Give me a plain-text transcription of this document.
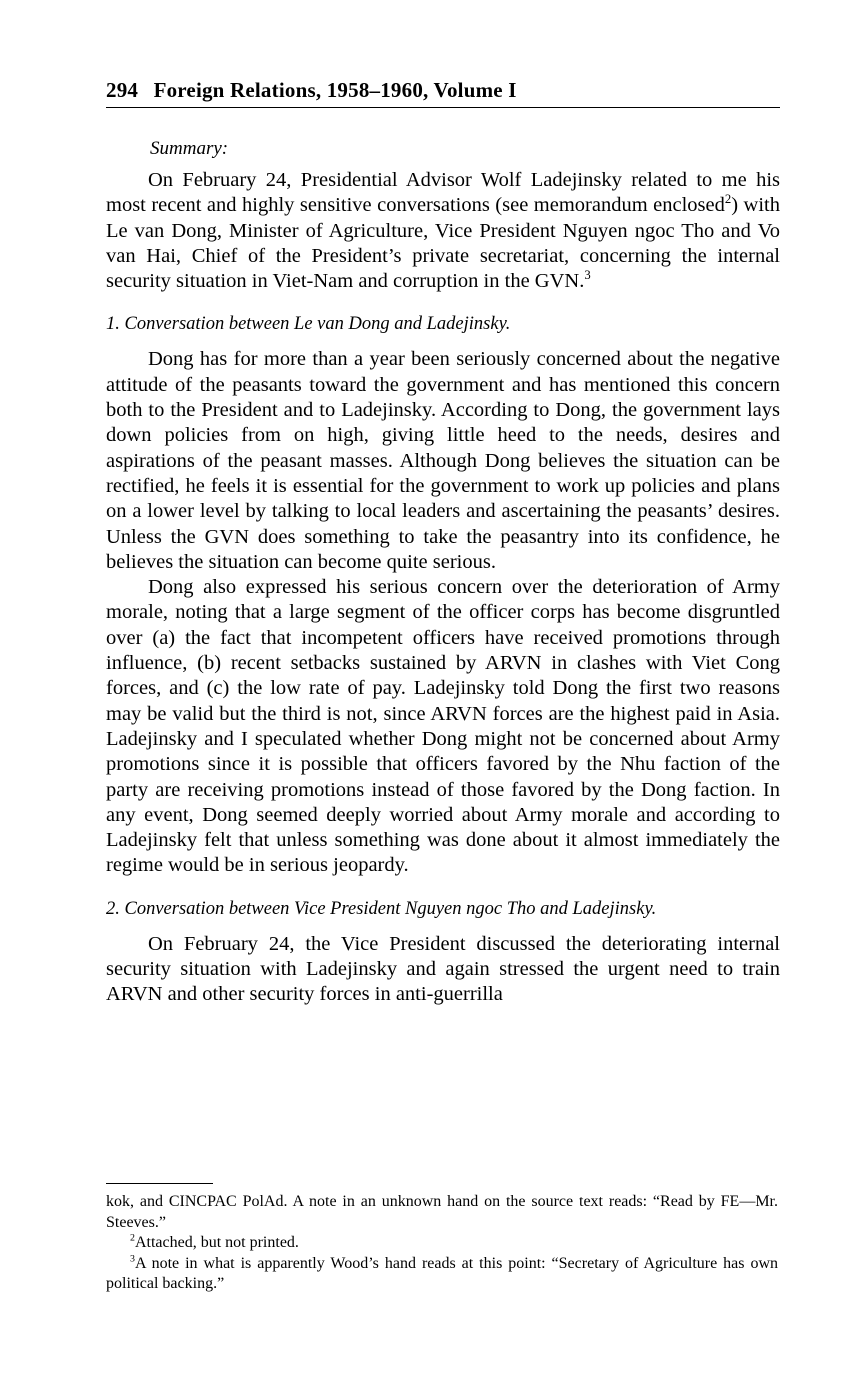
294 Foreign Relations, 1958–1960, Volume I
Summary:

On February 24, Presidential Advisor Wolf Ladejinsky related to me his most recent and highly sensitive conversations (see memorandum enclosed$^2$) with Le van Dong, Minister of Agriculture, Vice President Nguyen ngoc Tho and Vo van Hai, Chief of the President’s private secretariat, concerning the internal security situation in Viet-Nam and corruption in the GVN.$^3$

1. Conversation between Le van Dong and Ladejinsky.

Dong has for more than a year been seriously concerned about the negative attitude of the peasants toward the government and has mentioned this concern both to the President and to Ladejinsky. According to Dong, the government lays down policies from on high, giving little heed to the needs, desires and aspirations of the peasant masses. Although Dong believes the situation can be rectified, he feels it is essential for the government to work up policies and plans on a lower level by talking to local leaders and ascertaining the peasants’ desires. Unless the GVN does something to take the peasantry into its confidence, he believes the situation can become quite serious.

Dong also expressed his serious concern over the deterioration of Army morale, noting that a large segment of the officer corps has become disgruntled over (a) the fact that incompetent officers have received promotions through influence, (b) recent setbacks sustained by ARVN in clashes with Viet Cong forces, and (c) the low rate of pay. Ladejinsky told Dong the first two reasons may be valid but the third is not, since ARVN forces are the highest paid in Asia. Ladejinsky and I speculated whether Dong might not be concerned about Army promotions since it is possible that officers favored by the Nhu faction of the party are receiving promotions instead of those favored by the Dong faction. In any event, Dong seemed deeply worried about Army morale and according to Ladejinsky felt that unless something was done about it almost immediately the regime would be in serious jeopardy.

2. Conversation between Vice President Nguyen ngoc Tho and Ladejinsky.

On February 24, the Vice President discussed the deteriorating internal security situation with Ladejinsky and again stressed the urgent need to train ARVN and other security forces in anti-guerrilla

kok, and CINCPAC PolAd. A note in an unknown hand on the source text reads: “Read by FE—Mr. Steeves.”

$^2$Attached, but not printed.

$^3$A note in what is apparently Wood’s hand reads at this point: “Secretary of Agriculture has own political backing.”
